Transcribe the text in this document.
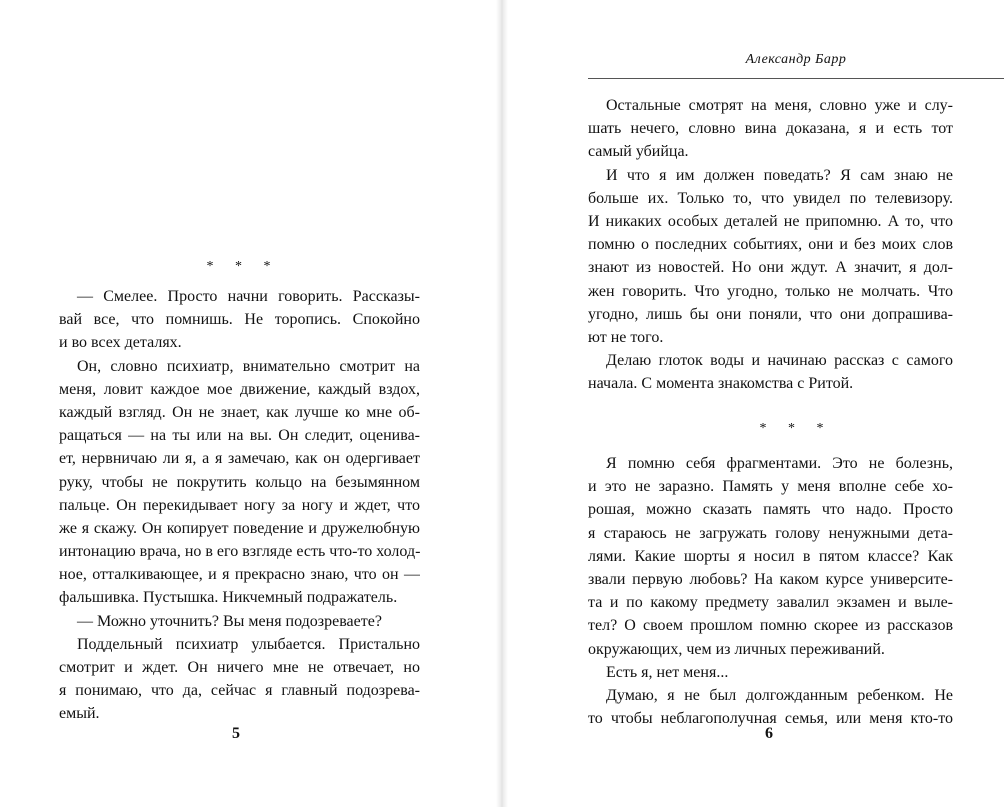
* * *
— Смелее. Просто начни говорить. Рассказы-
вай все, что помнишь. Не торопись. Спокойно
и во всех деталях.
Он, словно психиатр, внимательно смотрит на
меня, ловит каждое мое движение, каждый вздох,
каждый взгляд. Он не знает, как лучше ко мне об-
ращаться — на ты или на вы. Он следит, оценива-
ет, нервничаю ли я, а я замечаю, как он одергивает
руку, чтобы не покрутить кольцо на безымянном
пальце. Он перекидывает ногу за ногу и ждет, что
же я скажу. Он копирует поведение и дружелюбную
интонацию врача, но в его взгляде есть что-то холод-
ное, отталкивающее, и я прекрасно знаю, что он —
фальшивка. Пустышка. Никчемный подражатель.
— Можно уточнить? Вы меня подозреваете?
Поддельный психиатр улыбается. Пристально
смотрит и ждет. Он ничего мне не отвечает, но
я понимаю, что да, сейчас я главный подозрева-
емый.
5
Александр Барр
Остальные смотрят на меня, словно уже и слу-
шать нечего, словно вина доказана, я и есть тот
самый убийца.
И что я им должен поведать? Я сам знаю не
больше их. Только то, что увидел по телевизору.
И никаких особых деталей не припомню. А то, что
помню о последних событиях, они и без моих слов
знают из новостей. Но они ждут. А значит, я дол-
жен говорить. Что угодно, только не молчать. Что
угодно, лишь бы они поняли, что они допрашива-
ют не того.
Делаю глоток воды и начинаю рассказ с самого
начала. С момента знакомства с Ритой.
* * *
Я помню себя фрагментами. Это не болезнь,
и это не заразно. Память у меня вполне себе хо-
рошая, можно сказать память что надо. Просто
я стараюсь не загружать голову ненужными дета-
лями. Какие шорты я носил в пятом классе? Как
звали первую любовь? На каком курсе университе-
та и по какому предмету завалил экзамен и вылe-
тел? О своем прошлом помню скорее из рассказов
окружающих, чем из личных переживаний.
Есть я, нет меня...
Думаю, я не был долгожданным ребенком. Не
то чтобы неблагополучная семья, или меня кто-то
6
